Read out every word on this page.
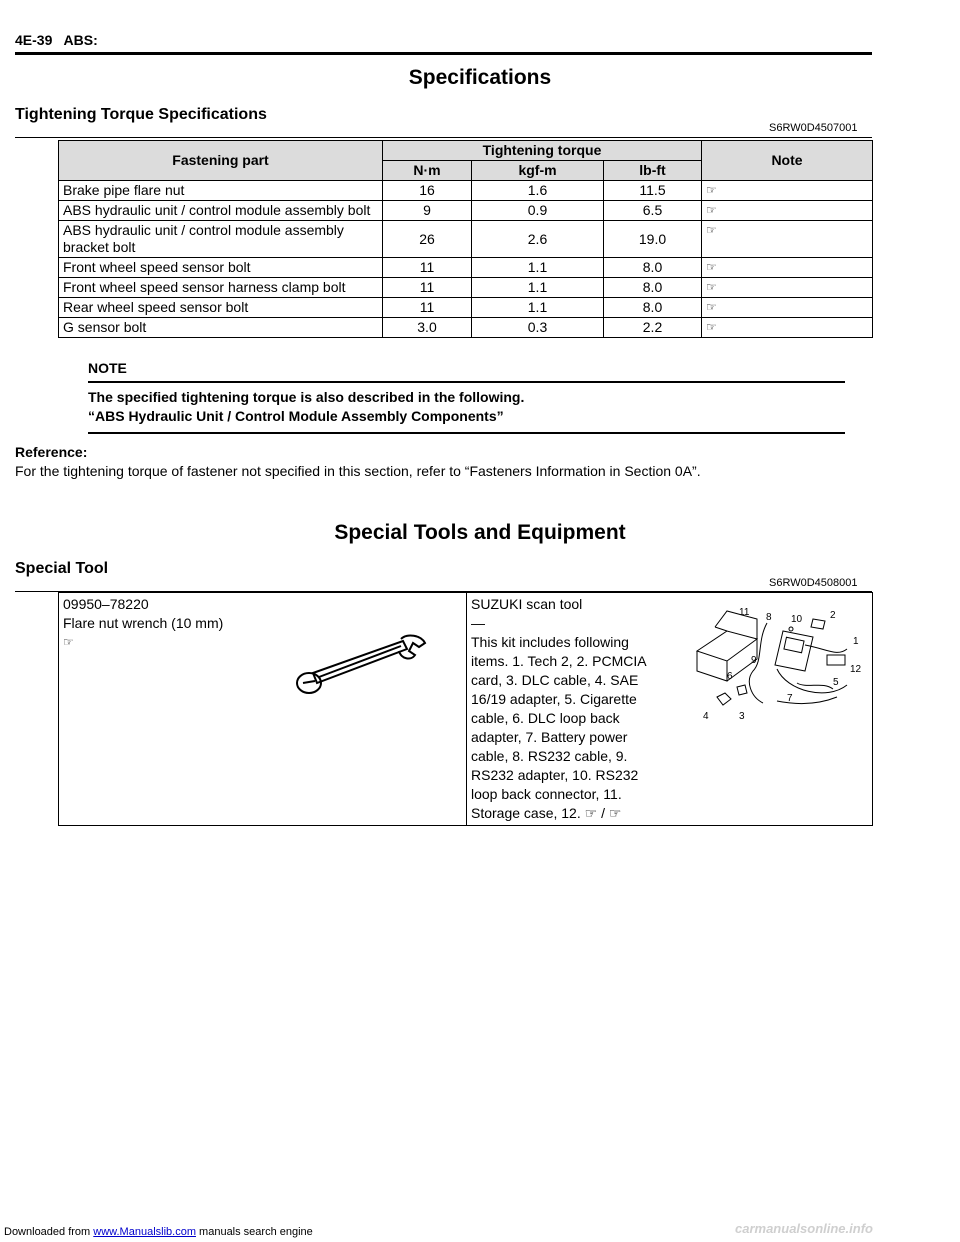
4E-39 ABS:
Specifications
Tightening Torque Specifications
S6RW0D4507001
Fastening part	Tightening torque			Note
	N·m	kgf-m	lb-ft	
Brake pipe flare nut	16	1.6	11.5	☞
ABS hydraulic unit / control module assembly bolt	9	0.9	6.5	☞
ABS hydraulic unit / control module assembly bracket bolt	26	2.6	19.0	☞
Front wheel speed sensor bolt	11	1.1	8.0	☞
Front wheel speed sensor harness clamp bolt	11	1.1	8.0	☞
Rear wheel speed sensor bolt	11	1.1	8.0	☞
G sensor bolt	3.0	0.3	2.2	☞
NOTE
The specified tightening torque is also described in the following.
“ABS Hydraulic Unit / Control Module Assembly Components”
Reference:
For the tightening torque of fastener not specified in this section, refer to “Fasteners Information in Section 0A”.
Special Tools and Equipment
Special Tool
S6RW0D4508001
09950–78220
Flare nut wrench (10 mm)
☞

SUZUKI scan tool
—
This kit includes following
items. 1. Tech 2, 2. PCMCIA
card, 3. DLC cable, 4. SAE
16/19 adapter, 5. Cigarette
cable, 6. DLC loop back
adapter, 7. Battery power
cable, 8. RS232 cable, 9.
RS232 adapter, 10. RS232
loop back connector, 11.
Storage case, 12. ☞ / ☞
11 8 10	2
1
12
5
6
9
7
4	3
Downloaded from www.Manualslib.com manuals search engine	carmanualsonline.info
